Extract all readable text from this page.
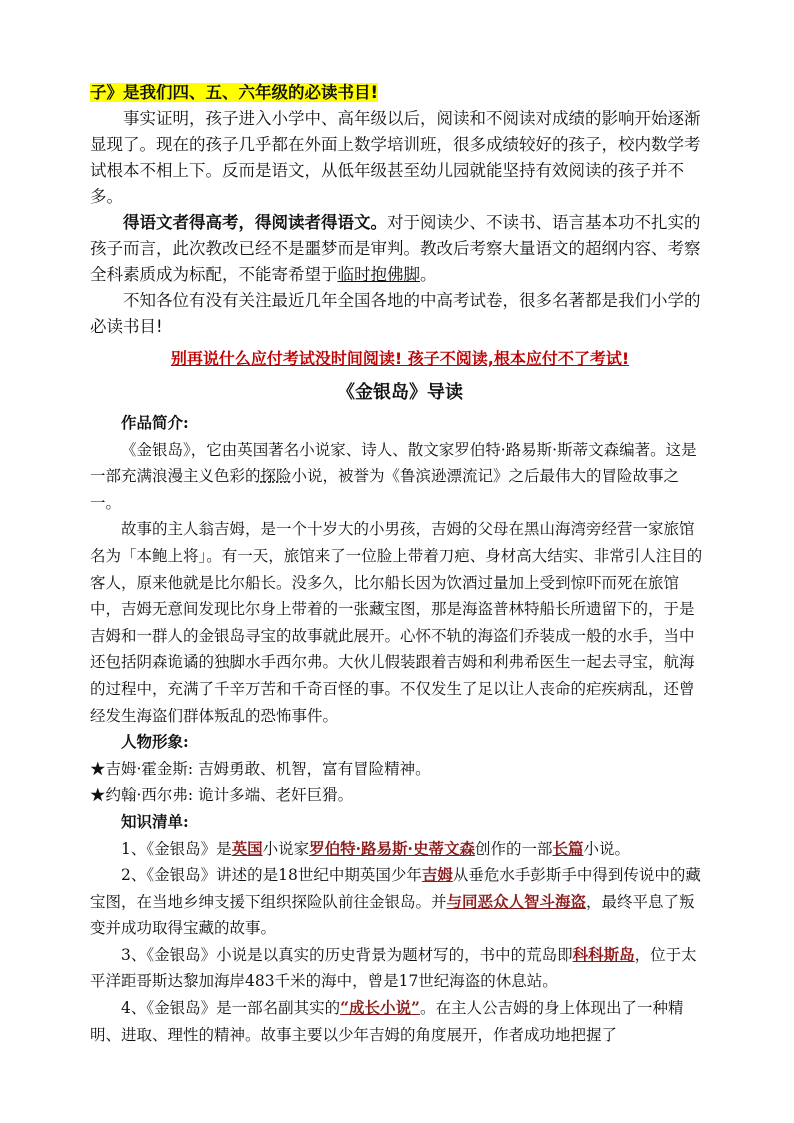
子》是我们四、五、六年级的必读书目!

事实证明，孩子进入小学中、高年级以后，阅读和不阅读对成绩的影响开始逐渐显现了。现在的孩子几乎都在外面上数学培训班，很多成绩较好的孩子，校内数学考试根本不相上下。反而是语文，从低年级甚至幼儿园就能坚持有效阅读的孩子并不多。

得语文者得高考，得阅读者得语文。对于阅读少、不读书、语言基本功不扎实的孩子而言，此次教改已经不是噩梦而是审判。教改后考察大量语文的超纲内容、考察全科素质成为标配，不能寄希望于临时抱佛脚。

不知各位有没有关注最近几年全国各地的中高考试卷，很多名著都是我们小学的必读书目!

别再说什么应付考试没时间阅读! 孩子不阅读,根本应付不了考试!
《金银岛》导读

作品简介:

《金银岛》，它由英国著名小说家、诗人、散文家罗伯特·路易斯·斯蒂文森编著。这是一部充满浪漫主义色彩的探险小说，被誉为《鲁滨逊漂流记》之后最伟大的冒险故事之一。

故事的主人翁吉姆，是一个十岁大的小男孩，吉姆的父母在黑山海湾旁经营一家旅馆名为「本鲍上将」。有一天，旅馆来了一位脸上带着刀疤、身材高大结实、非常引人注目的客人，原来他就是比尔船长。没多久，比尔船长因为饮酒过量加上受到惊吓而死在旅馆中，吉姆无意间发现比尔身上带着的一张藏宝图，那是海盗普林特船长所遗留下的，于是吉姆和一群人的金银岛寻宝的故事就此展开。心怀不轨的海盗们乔装成一般的水手，当中还包括阴森诡谲的独脚水手西尔弗。大伙儿假装跟着吉姆和利弗希医生一起去寻宝，航海的过程中，充满了千辛万苦和千奇百怪的事。不仅发生了足以让人丧命的疟疾病乱，还曾经发生海盗们群体叛乱的恐怖事件。

人物形象:

★吉姆·霍金斯: 吉姆勇敢、机智，富有冒险精神。

★约翰·西尔弗: 诡计多端、老奸巨猾。

知识清单:

1、《金银岛》是英国小说家罗伯特·路易斯·史蒂文森创作的一部长篇小说。

2、《金银岛》讲述的是18世纪中期英国少年吉姆从垂危水手彭斯手中得到传说中的藏宝图，在当地乡绅支援下组织探险队前往金银岛。并与同恶众人智斗海盗，最终平息了叛变并成功取得宝藏的故事。

3、《金银岛》小说是以真实的历史背景为题材写的，书中的荒岛即科科斯岛，位于太平洋距哥斯达黎加海岸483千米的海中，曾是17世纪海盗的休息站。

4、《金银岛》是一部名副其实的“成长小说”。在主人公吉姆的身上体现出了一种精明、进取、理性的精神。故事主要以少年吉姆的角度展开，作者成功地把握了
